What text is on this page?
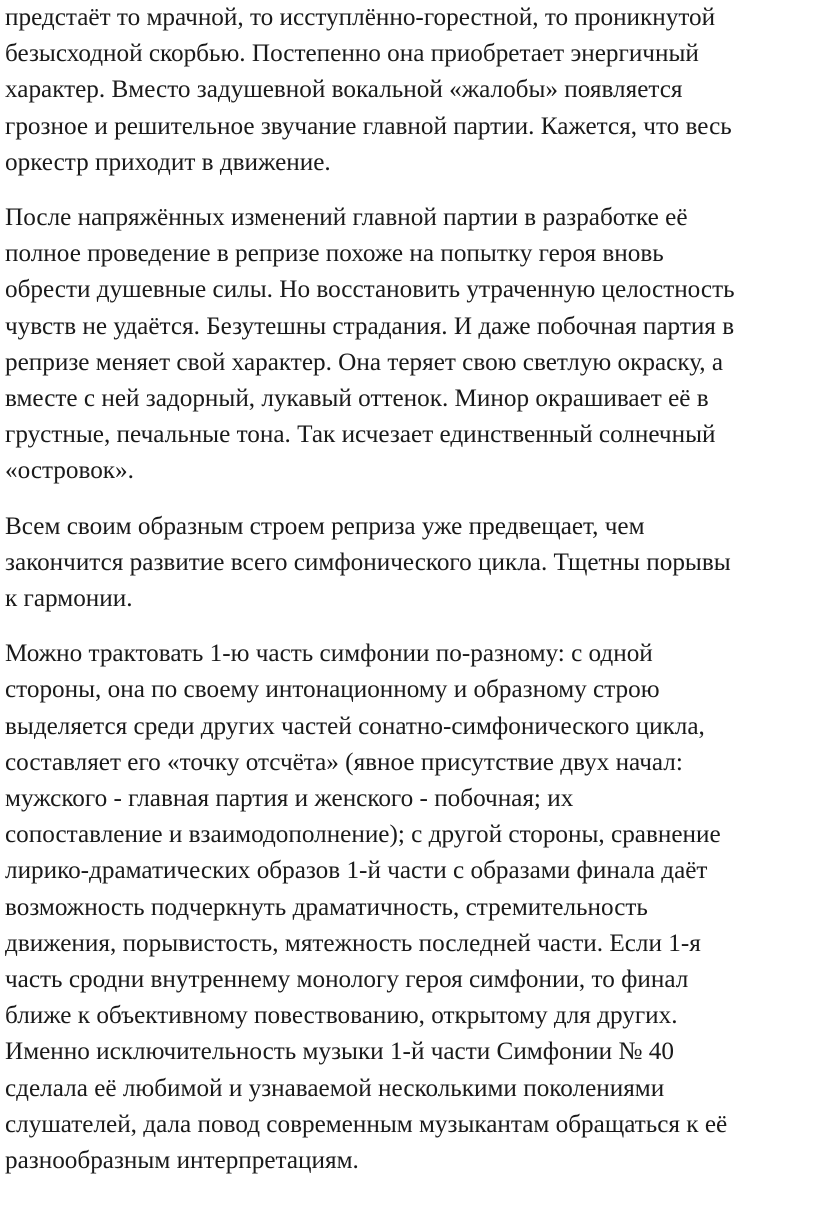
предстаёт то мрачной, то исступлённо-горестной, то проникнутой
безысходной скорбью. Постепенно она приобретает энергичный
характер. Вместо задушевной вокальной «жалобы» появляется
грозное и решительное звучание главной партии. Кажется, что весь
оркестр приходит в движение.

После напряжённых изменений главной партии в разработке её
полное проведение в репризе похоже на попытку героя вновь
обрести душевные силы. Но восстановить утраченную целостность
чувств не удаётся. Безутешны страдания. И даже побочная партия в
репризе меняет свой характер. Она теряет свою светлую окраску, а
вместе с ней задорный, лукавый оттенок. Минор окрашивает её в
грустные, печальные тона. Так исчезает единственный солнечный
«островок».

Всем своим образным строем реприза уже предвещает, чем
закончится развитие всего симфонического цикла. Тщетны порывы
к гармонии.

Можно трактовать 1-ю часть симфонии по-разному: с одной
стороны, она по своему интонационному и образному строю
выделяется среди других частей сонатно-симфонического цикла,
составляет его «точку отсчёта» (явное присутствие двух начал:
мужского - главная партия и женского - побочная; их
сопоставление и взаимодополнение); с другой стороны, сравнение
лирико-драматических образов 1-й части с образами финала даёт
возможность подчеркнуть драматичность, стремительность
движения, порывистость, мятежность последней части. Если 1-я
часть сродни внутреннему монологу героя симфонии, то финал
ближе к объективному повествованию, открытому для других.
Именно исключительность музыки 1-й части Симфонии № 40
сделала её любимой и узнаваемой несколькими поколениями
слушателей, дала повод современным музыкантам обращаться к её
разнообразным интерпретациям.
